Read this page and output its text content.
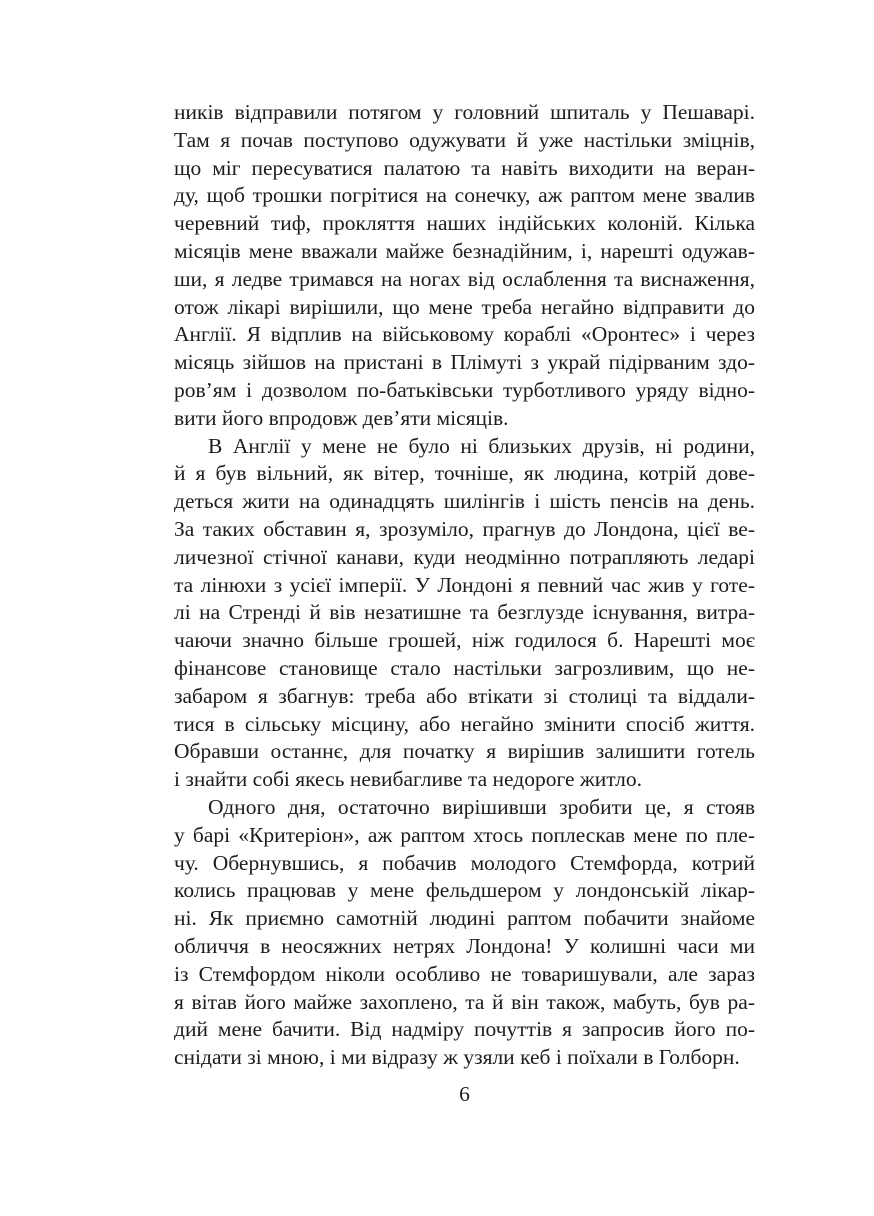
ників відправили потягом у головний шпиталь у Пешаварі.
Там я почав поступово одужувати й уже настільки зміцнів,
що міг пересуватися палатою та навіть виходити на веран-
ду, щоб трошки погрітися на сонечку, аж раптом мене звалив
черевний тиф, прокляття наших індійських колоній. Кілька
місяців мене вважали майже безнадійним, і, нарешті одужав-
ши, я ледве тримався на ногах від ослаблення та виснаження,
отож лікарі вирішили, що мене треба негайно відправити до
Англії. Я відплив на військовому кораблі «Оронтес» і через
місяць зійшов на пристані в Плімуті з украй підірваним здо-
ров’ям і дозволом по-батьківськи турботливого уряду відно-
вити його впродовж дев’яти місяців.
В Англії у мене не було ні близьких друзів, ні родини,
й я був вільний, як вітер, точніше, як людина, котрій дове-
деться жити на одинадцять шилінгів і шість пенсів на день.
За таких обставин я, зрозуміло, прагнув до Лондона, цієї ве-
личезної стічної канави, куди неодмінно потрапляють ледарі
та лінюхи з усієї імперії. У Лондоні я певний час жив у готе-
лі на Стренді й вів незатишне та безглузде існування, витра-
чаючи значно більше грошей, ніж годилося б. Нарешті моє
фінансове становище стало настільки загрозливим, що не-
забаром я збагнув: треба або втікати зі столиці та віддали-
тися в сільську місцину, або негайно змінити спосіб життя.
Обравши останнє, для початку я вирішив залишити готель
і знайти собі якесь невибагливе та недороге житло.
Одного дня, остаточно вирішивши зробити це, я стояв
у барі «Критеріон», аж раптом хтось поплескав мене по пле-
чу. Обернувшись, я побачив молодого Стемфорда, котрий
колись працював у мене фельдшером у лондонській лікар-
ні. Як приємно самотній людині раптом побачити знайоме
обличчя в неосяжних нетрях Лондона! У колишні часи ми
із Стемфордом ніколи особливо не товаришували, але зараз
я вітав його майже захоплено, та й він також, мабуть, був ра-
дий мене бачити. Від надміру почуттів я запросив його по-
снідати зі мною, і ми відразу ж узяли кеб і поїхали в Голборн.
6
